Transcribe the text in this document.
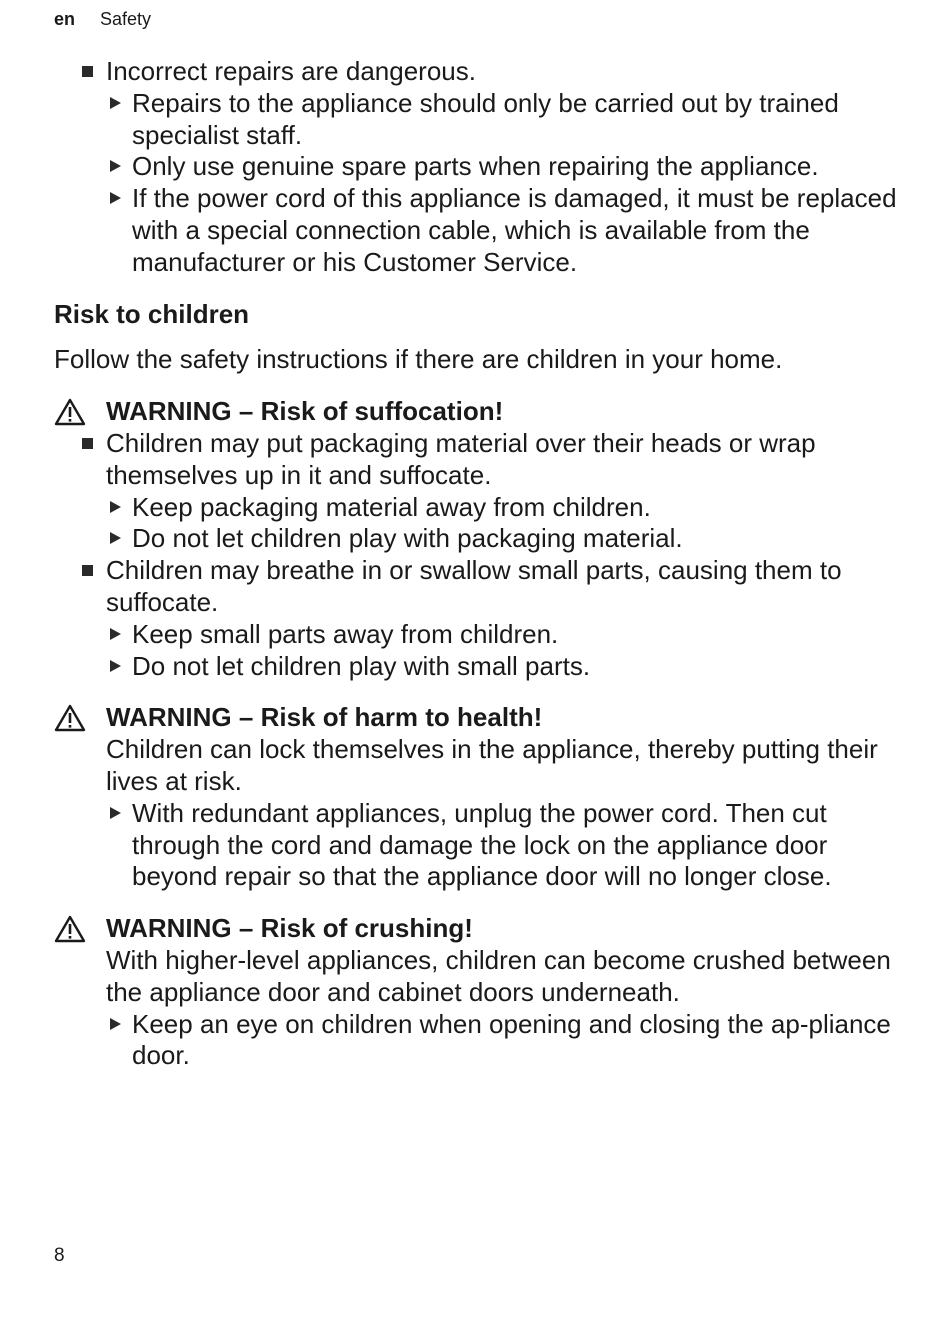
en Safety
Incorrect repairs are dangerous.
Repairs to the appliance should only be carried out by trained specialist staff.
Only use genuine spare parts when repairing the appliance.
If the power cord of this appliance is damaged, it must be replaced with a special connection cable, which is available from the manufacturer or his Customer Service.
Risk to children
Follow the safety instructions if there are children in your home.
WARNING – Risk of suffocation!
Children may put packaging material over their heads or wrap themselves up in it and suffocate.
Keep packaging material away from children.
Do not let children play with packaging material.
Children may breathe in or swallow small parts, causing them to suffocate.
Keep small parts away from children.
Do not let children play with small parts.
WARNING – Risk of harm to health!
Children can lock themselves in the appliance, thereby putting their lives at risk.
With redundant appliances, unplug the power cord. Then cut through the cord and damage the lock on the appliance door beyond repair so that the appliance door will no longer close.
WARNING – Risk of crushing!
With higher-level appliances, children can become crushed between the appliance door and cabinet doors underneath.
Keep an eye on children when opening and closing the ap-pliance door.
8
